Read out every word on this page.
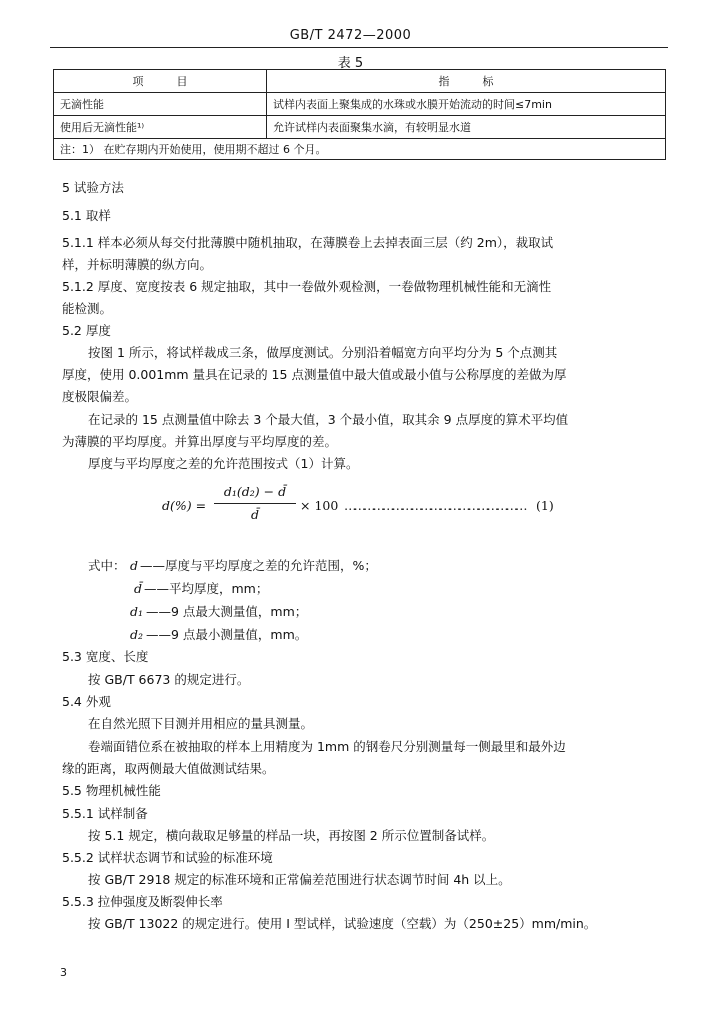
GB/T 2472—2000
表 5
项　　　目	指　　　标
无滴性能	试样内表面上聚集成的水珠或水膜开始流动的时间≤7min
使用后无滴性能¹⁾	允许试样内表面聚集水滴，有较明显水道
注：1） 在贮存期内开始使用，使用期不超过 6 个月。	
5 试验方法
5.1 取样
5.1.1 样本必须从每交付批薄膜中随机抽取，在薄膜卷上去掉表面三层（约 2m），裁取试
样，并标明薄膜的纵方向。
5.1.2 厚度、宽度按表 6 规定抽取，其中一卷做外观检测，一卷做物理机械性能和无滴性
能检测。
5.2 厚度
按图 1 所示，将试样裁成三条，做厚度测试。分别沿着幅宽方向平均分为 5 个点测其
厚度，使用 0.001mm 量具在记录的 15 点测量值中最大值或最小值与公称厚度的差做为厚
度极限偏差。
在记录的 15 点测量值中除去 3 个最大值，3 个最小值，取其余 9 点厚度的算术平均值
为薄膜的平均厚度。并算出厚度与平均厚度的差。
厚度与平均厚度之差的允许范围按式（1）计算。
d(%) =
d₁(d₂) − d̄
d̄
× 100 ………………………………………………… (1)
式中： d ——厚度与平均厚度之差的允许范围，%；
d̄ ——平均厚度，mm；
d₁ ——9 点最大测量值，mm；
d₂ ——9 点最小测量值，mm。
5.3 宽度、长度
按 GB/T 6673 的规定进行。
5.4 外观
在自然光照下目测并用相应的量具测量。
卷端面错位系在被抽取的样本上用精度为 1mm 的钢卷尺分别测量每一侧最里和最外边
缘的距离，取两侧最大值做测试结果。
5.5 物理机械性能
5.5.1 试样制备
按 5.1 规定，横向裁取足够量的样品一块，再按图 2 所示位置制备试样。
5.5.2 试样状态调节和试验的标准环境
按 GB/T 2918 规定的标准环境和正常偏差范围进行状态调节时间 4h 以上。
5.5.3 拉伸强度及断裂伸长率
按 GB/T 13022 的规定进行。使用 I 型试样，试验速度（空载）为（250±25）mm/min。
3
